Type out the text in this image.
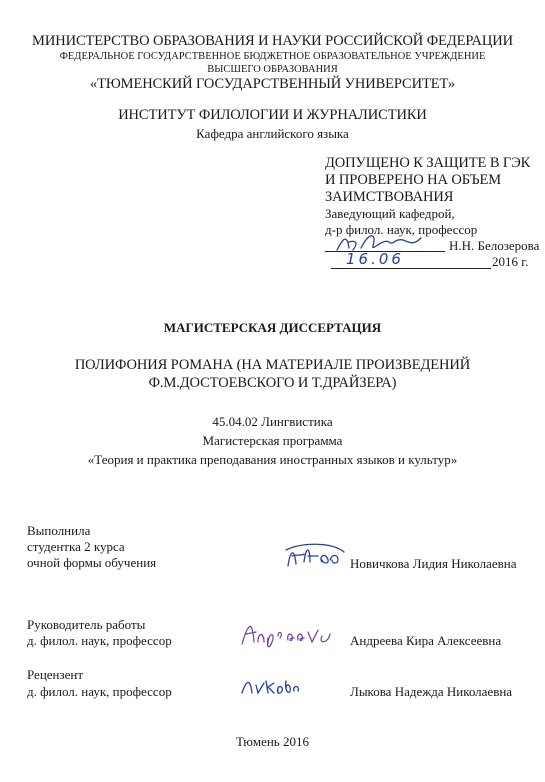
МИНИСТЕРСТВО ОБРАЗОВАНИЯ И НАУКИ РОССИЙСКОЙ ФЕДЕРАЦИИ
ФЕДЕРАЛЬНОЕ ГОСУДАРСТВЕННОЕ БЮДЖЕТНОЕ ОБРАЗОВАТЕЛЬНОЕ УЧРЕЖДЕНИЕ
ВЫСШЕГО ОБРАЗОВАНИЯ
«ТЮМЕНСКИЙ ГОСУДАРСТВЕННЫЙ УНИВЕРСИТЕТ»
ИНСТИТУТ ФИЛОЛОГИИ И ЖУРНАЛИСТИКИ
Кафедра английского языка
ДОПУЩЕНО К ЗАЩИТЕ В ГЭК
И ПРОВЕРЕНО НА ОБЪЕМ
ЗАИМСТВОВАНИЯ
Заведующий кафедрой,
д-р филол. наук, профессор
Н.Н. Белозерова
16.06	2016 г.
МАГИСТЕРСКАЯ ДИССЕРТАЦИЯ
ПОЛИФОНИЯ РОМАНА (НА МАТЕРИАЛЕ ПРОИЗВЕДЕНИЙ
Ф.М.ДОСТОЕВСКОГО И Т.ДРАЙЗЕРА)
45.04.02 Лингвистика
Магистерская программа
«Теория и практика преподавания иностранных языков и культур»
Выполнила
студентка 2 курса
очной формы обучения	Новичкова Лидия Николаевна
Руководитель работы
д. филол. наук, профессор	Андреева Кира Алексеевна
Рецензент
д. филол. наук, профессор	Лыкова Надежда Николаевна
Тюмень 2016
